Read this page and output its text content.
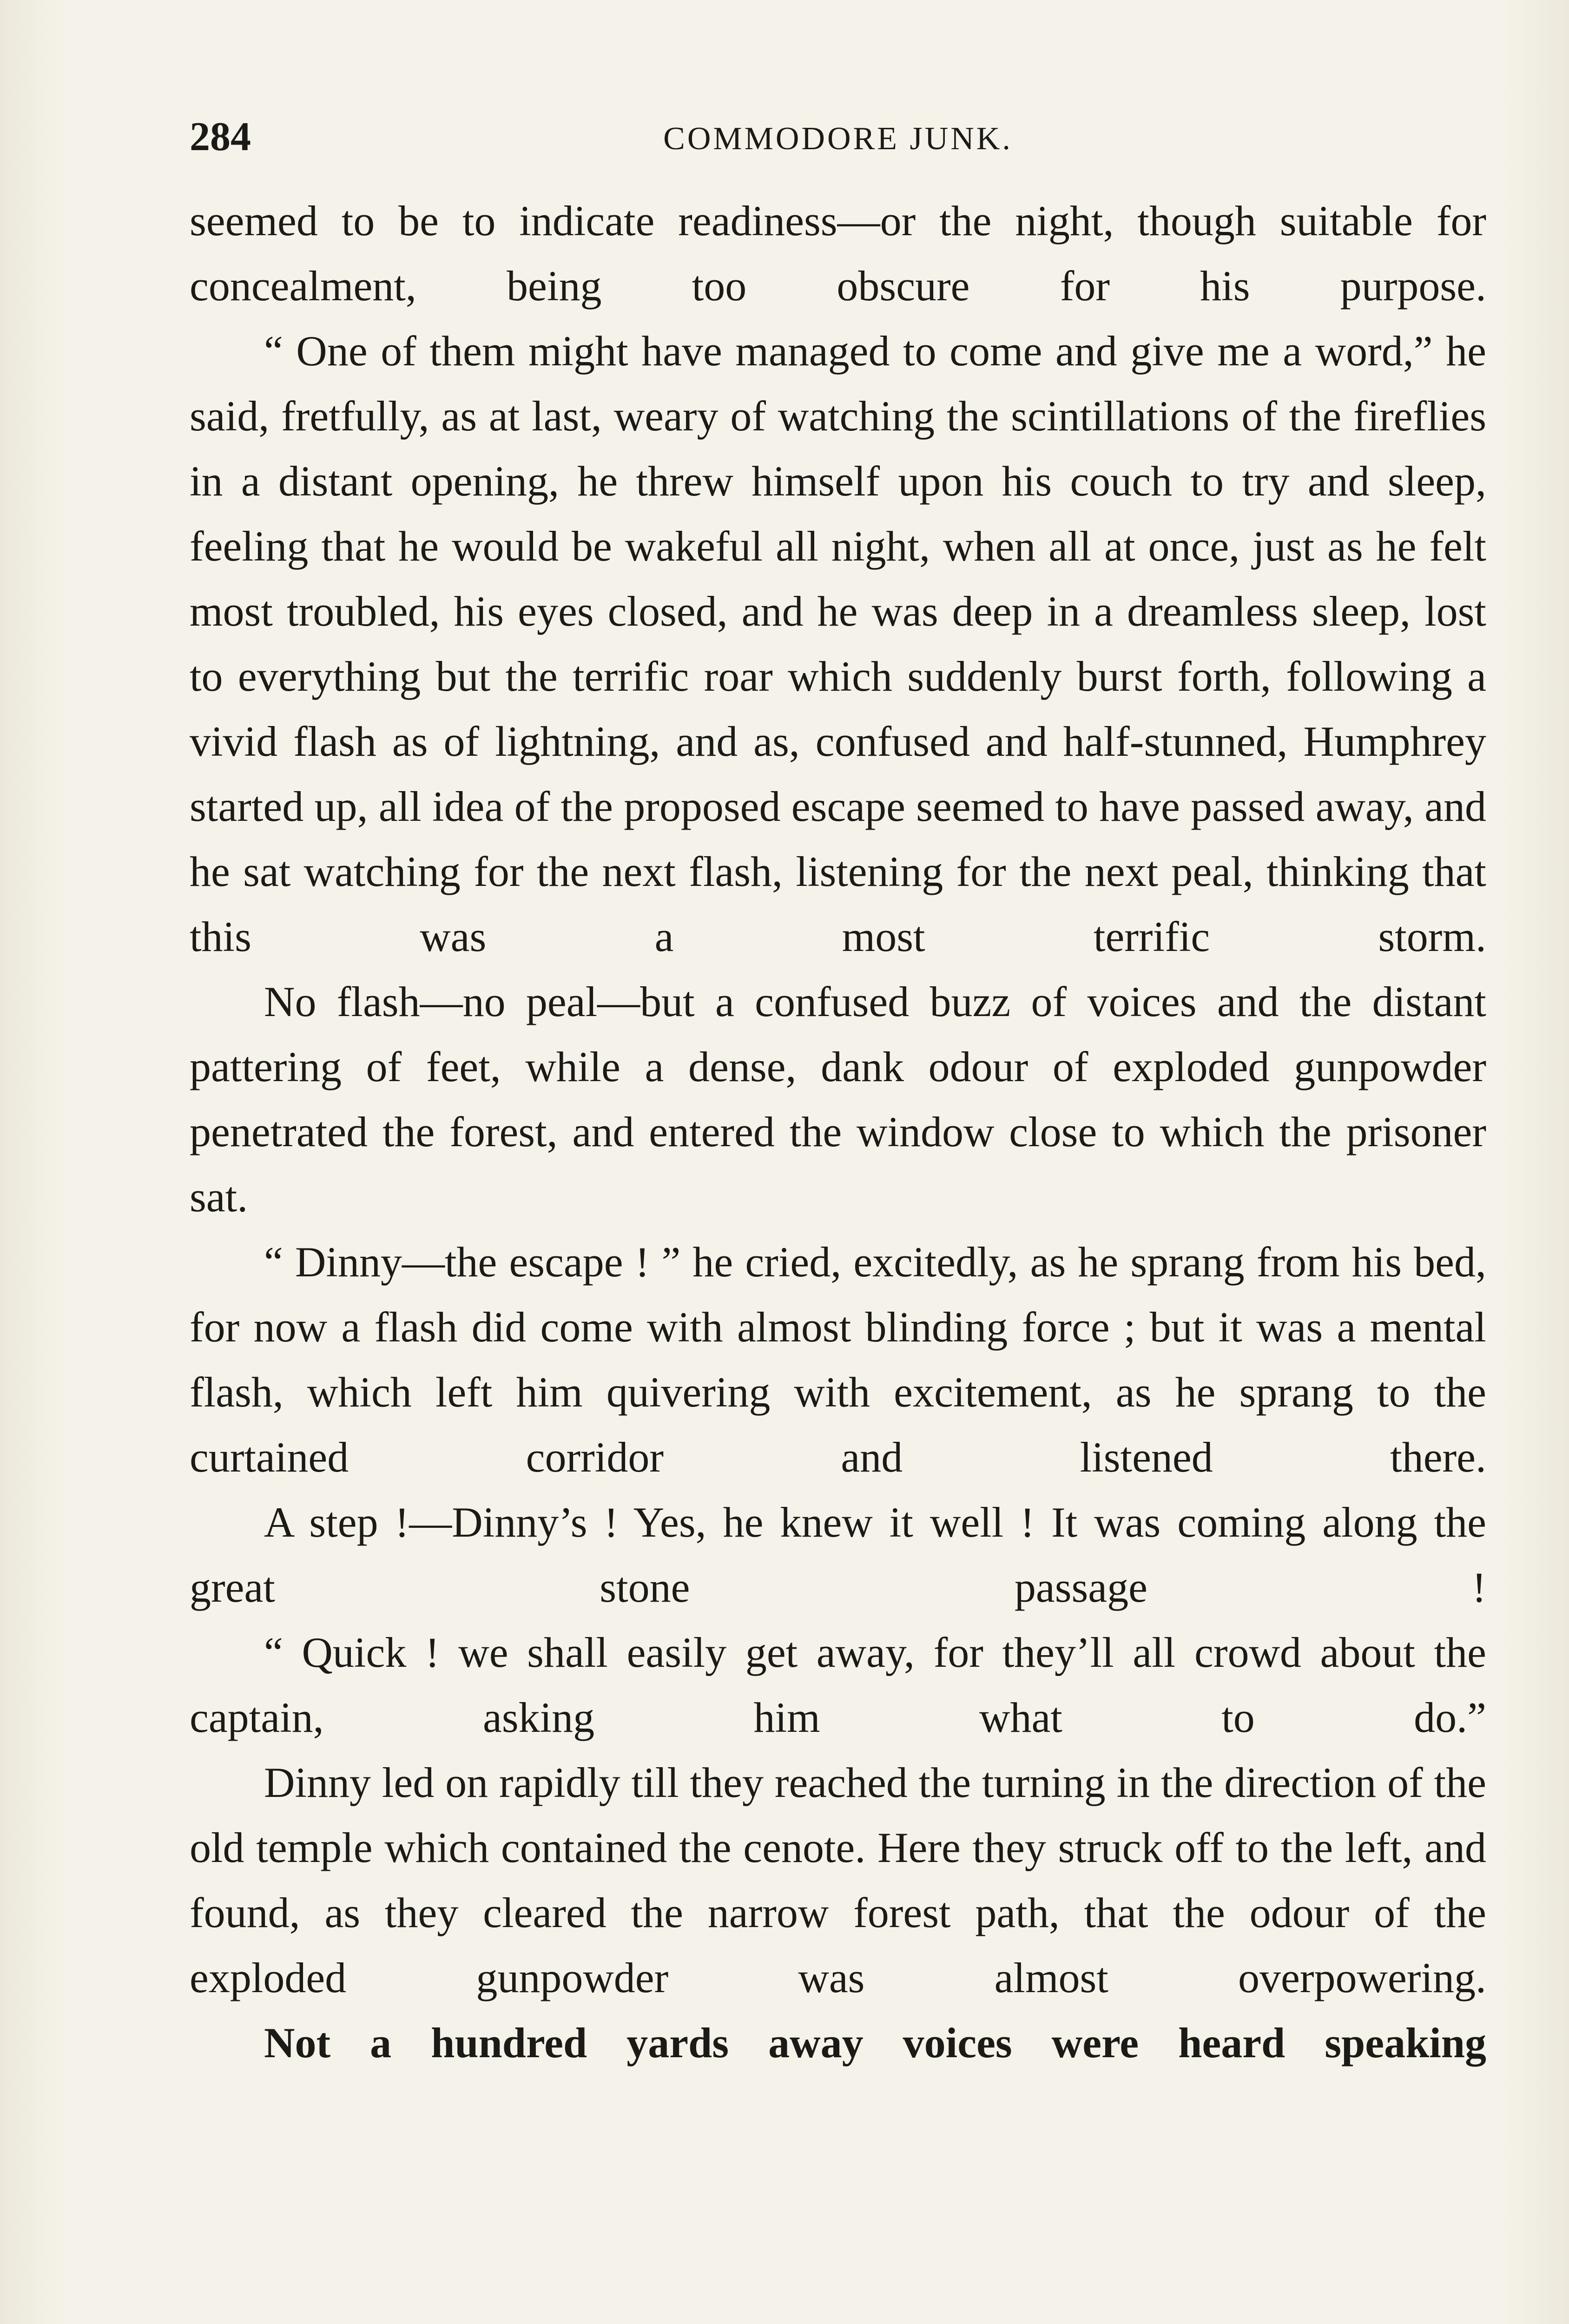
284	COMMODORE JUNK.

seemed to be to indicate readiness—or the night, though suitable for concealment, being too obscure for his purpose.

“ One of them might have managed to come and give me a word,” he said, fretfully, as at last, weary of watching the scintillations of the fireflies in a distant opening, he threw himself upon his couch to try and sleep, feeling that he would be wakeful all night, when all at once, just as he felt most troubled, his eyes closed, and he was deep in a dreamless sleep, lost to everything but the terrific roar which suddenly burst forth, following a vivid flash as of lightning, and as, confused and half-stunned, Humphrey started up, all idea of the proposed escape seemed to have passed away, and he sat watching for the next flash, listening for the next peal, thinking that this was a most terrific storm.

No flash—no peal—but a confused buzz of voices and the distant pattering of feet, while a dense, dank odour of exploded gunpowder penetrated the forest, and entered the window close to which the prisoner sat.

“ Dinny—the escape ! ” he cried, excitedly, as he sprang from his bed, for now a flash did come with almost blinding force ; but it was a mental flash, which left him quivering with excitement, as he sprang to the curtained corridor and listened there.

A step !—Dinny’s ! Yes, he knew it well ! It was coming along the great stone passage !

“ Quick ! we shall easily get away, for they’ll all crowd about the captain, asking him what to do.”

Dinny led on rapidly till they reached the turning in the direction of the old temple which contained the cenote. Here they struck off to the left, and found, as they cleared the narrow forest path, that the odour of the exploded gunpowder was almost overpowering.

Not a hundred yards away voices were heard speaking
